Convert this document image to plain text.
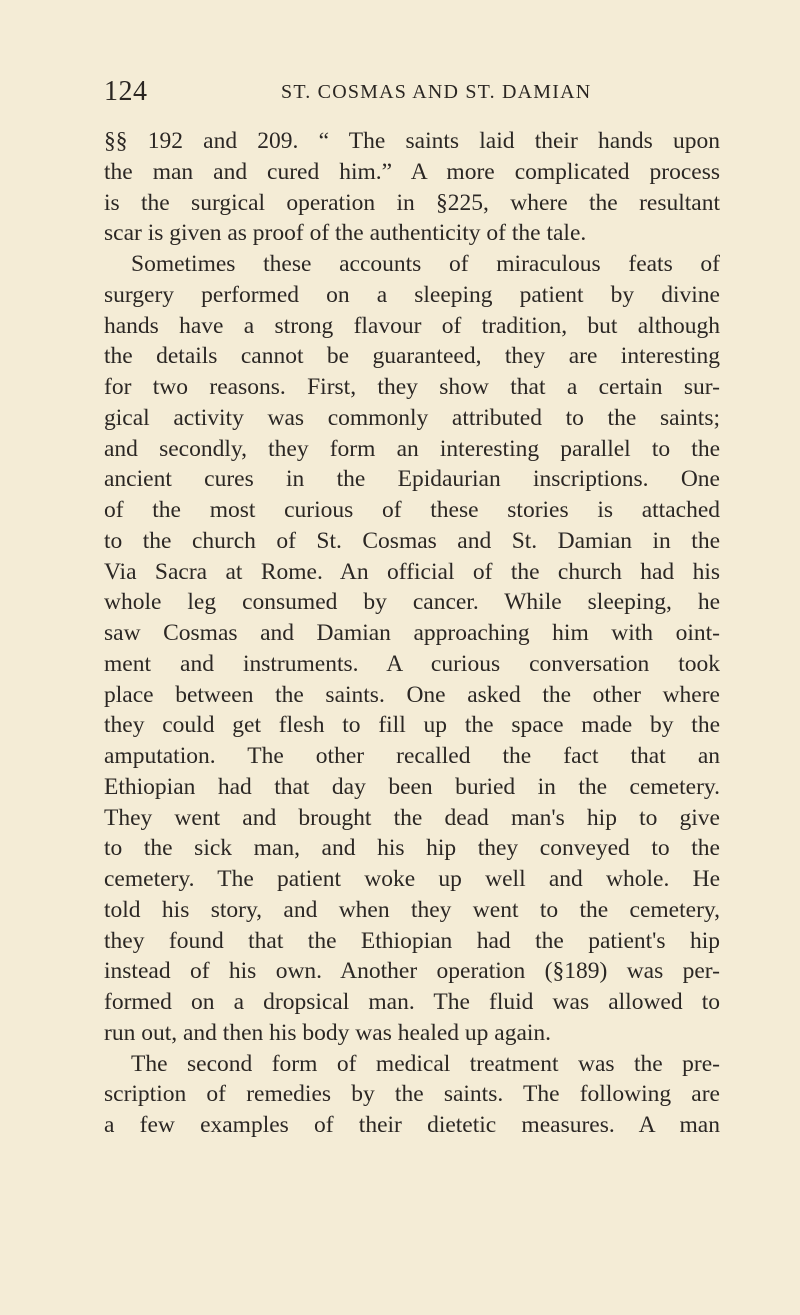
124	ST. COSMAS AND ST. DAMIAN
§§ 192 and 209. “ The saints laid their hands upon
the man and cured him.” A more complicated process
is the surgical operation in §225, where the resultant
scar is given as proof of the authenticity of the tale.
Sometimes these accounts of miraculous feats of
surgery performed on a sleeping patient by divine
hands have a strong flavour of tradition, but although
the details cannot be guaranteed, they are interesting
for two reasons. First, they show that a certain sur-
gical activity was commonly attributed to the saints;
and secondly, they form an interesting parallel to the
ancient cures in the Epidaurian inscriptions. One
of the most curious of these stories is attached
to the church of St. Cosmas and St. Damian in the
Via Sacra at Rome. An official of the church had his
whole leg consumed by cancer. While sleeping, he
saw Cosmas and Damian approaching him with oint-
ment and instruments. A curious conversation took
place between the saints. One asked the other where
they could get flesh to fill up the space made by the
amputation. The other recalled the fact that an
Ethiopian had that day been buried in the cemetery.
They went and brought the dead man's hip to give
to the sick man, and his hip they conveyed to the
cemetery. The patient woke up well and whole. He
told his story, and when they went to the cemetery,
they found that the Ethiopian had the patient's hip
instead of his own. Another operation (§189) was per-
formed on a dropsical man. The fluid was allowed to
run out, and then his body was healed up again.
The second form of medical treatment was the pre-
scription of remedies by the saints. The following are
a few examples of their dietetic measures. A man
